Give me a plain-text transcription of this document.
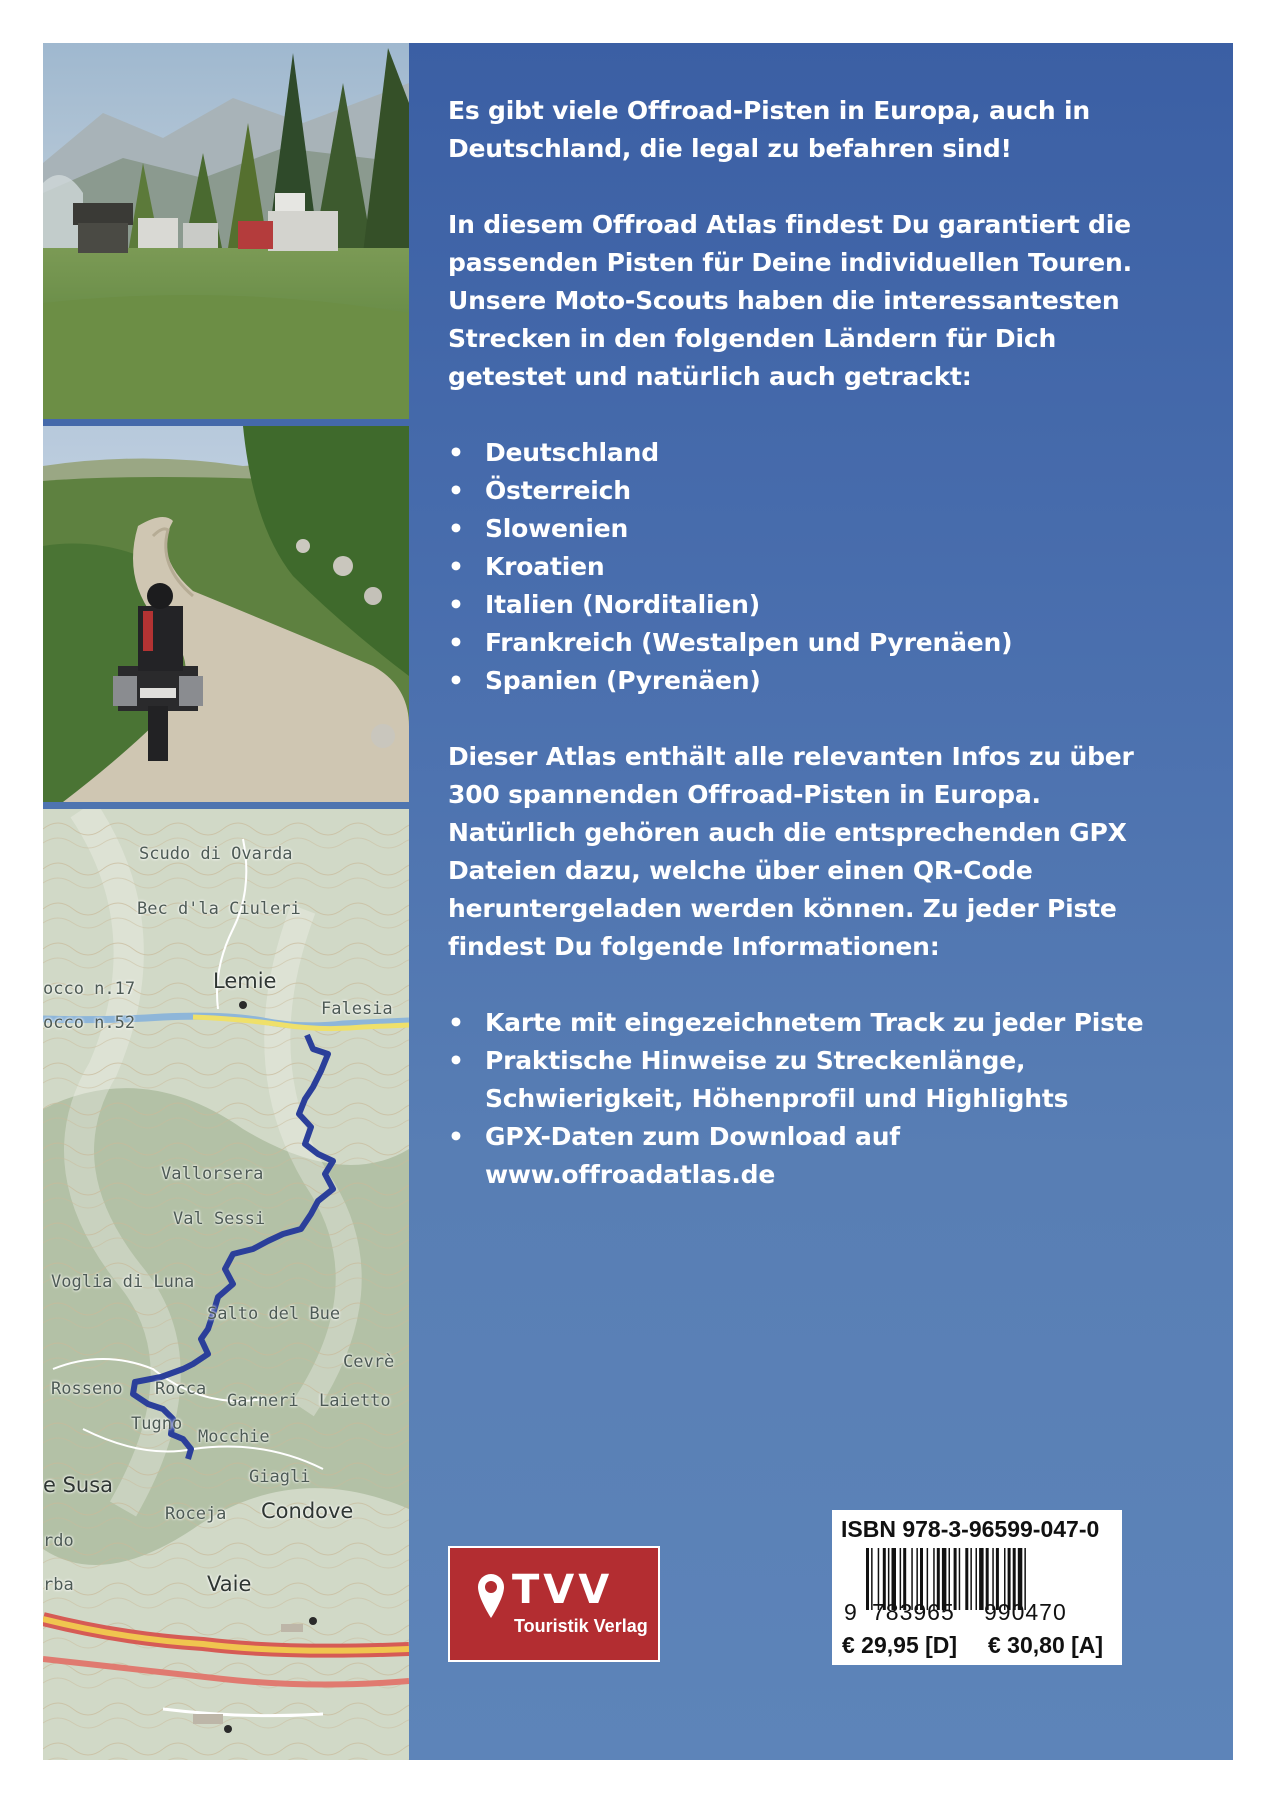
Scudo di Ovarda
Bec d'la Ciuleri
Lemie
occo n.17
occo n.52
Falesia
Vallorsera
Val Sessi
Voglia di Luna
Salto del Bue
Cevrè
Rosseno Rocca
Garneri Laietto
Tugno
Mocchie
Giagli
e Susa
Roceja Condove
rdo
rba	Vaie

Es gibt viele Offroad-Pisten in Europa, auch in Deutschland, die legal zu befahren sind!

In diesem Offroad Atlas findest Du garantiert die passenden Pisten für Deine individuellen Touren. Unsere Moto-Scouts haben die interessantesten Strecken in den folgenden Ländern für Dich getestet und natürlich auch getrackt:

• Deutschland
• Österreich
• Slowenien
• Kroatien
• Italien (Norditalien)
• Frankreich (Westalpen und Pyrenäen)
• Spanien (Pyrenäen)

Dieser Atlas enthält alle relevanten Infos zu über 300 spannenden Offroad-Pisten in Europa. Natürlich gehören auch die entsprechenden GPX Dateien dazu, welche über einen QR-Code heruntergeladen werden können. Zu jeder Piste findest Du folgende Informationen:

• Karte mit eingezeichnetem Track zu jeder Piste
• Praktische Hinweise zu Streckenlänge, Schwierigkeit, Höhenprofil und Highlights
• GPX-Daten zum Download auf www.offroadatlas.de
TVV
Touristik Verlag
ISBN 978-3-96599-047-0
9 783965 990470
€ 29,95 [D] € 30,80 [A]
